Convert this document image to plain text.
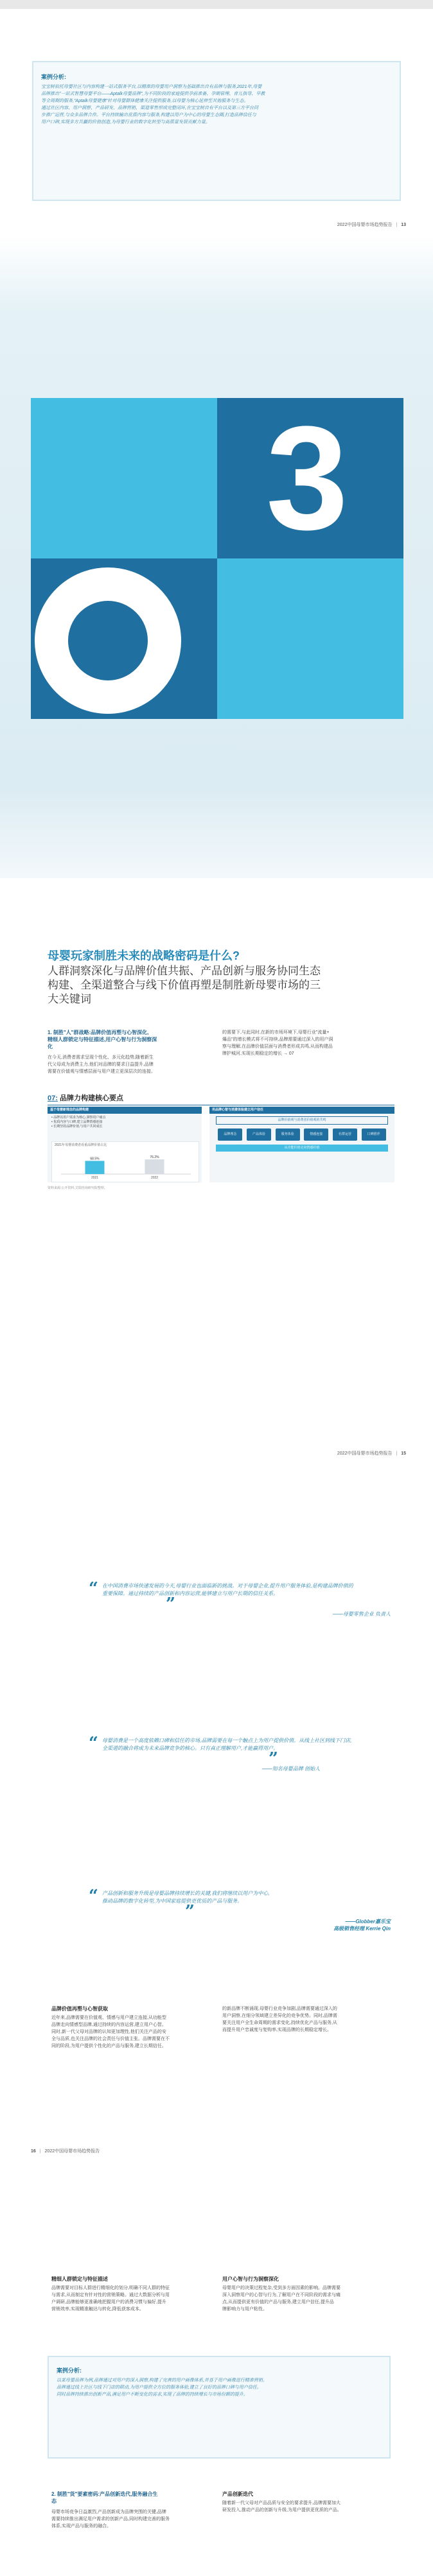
案例分析:
宝宝树依托母婴社区与内容构建一站式服务平台,以精准的母婴用户洞察为基础推出自有品牌与服务,2021年,母婴
品牌推出"一站式智慧母婴平台——Aptalk母婴品牌",为不同阶段的家庭提供孕前准备、孕期管理、育儿指导、早教
等全周期的服务,"Aptalk母婴健康"针对母婴群体健康关注提供服务,以母婴为核心延伸至其他服务与生态。
通过社区内容、用户洞察、产品研发、品牌营销、渠道零售形成完整闭环,在宝宝树自有平台以及第三方平台同
步推广运营,与众多品牌合作。平台持续输出优质内容与服务,构建以用户为中心的母婴生态圈,打造品牌信任与
用户口碑,实现多方共赢的价值创造,为母婴行业的数字化转型与高质量发展贡献力量。
2022中国母婴市场趋势报告 | 13
3
母婴玩家制胜未来的战略密码是什么?
人群洞察深化与品牌价值共振、产品创新与服务协同生态
构建、全渠道整合与线下价值再塑是制胜新母婴市场的三
大关键词
1. 制胜"人"群战略:品牌价值再塑与心智深化,
精细人群锁定与特征描述,用户心智与行为洞察深
化
在今天,消费者需求呈现个性化、多元化趋势,随着新生
代父母成为消费主力,他们对品牌的要求日益提升,品牌
需要在价值观与情感层面与用户建立更深层次的连接。
的需要下,与此同时,在新的市场环境下,母婴行业"流量+
爆品"的增长模式将不可持续,品牌需要通过深入的用户洞
察与理解,在品牌价值层面与消费者形成共鸣,从而构建品
牌护城河,实现长期稳定的增长 → 07
07: 品牌力构建核心要点
基于母婴新理念的品牌构建
• 品牌以用户需求为核心,洞察用户痛点
• 优质内容与口碑,建立品牌情感连接
• 长期坚持品牌价值,与用户共同成长
2021年母婴消费者看重品牌价值占比
68.5%
2021
76.2%
2022
用品牌心智与消费体验建立用户信任
品牌价值观与消费者价值观的共鸣
品牌理念	产品体验	服务体验	情感连接	社群运营	口碑推荐
从功能价值走向情感价值
资料来源:公开资料,艾瑞咨询研究院整理。
2022中国母婴市场趋势报告 | 15
“ 在中国消费市场快速发展的今天,母婴行业也面临新的挑战。对于母婴企业,提升用户服务体验,是构建品牌价值的
重要保障。通过持续的产品创新和内容运营,能够建立与用户长期的信任关系。
”
——母婴零售企业 负责人
“ 母婴消费是一个高度依赖口碑和信任的市场,品牌需要在每一个触点上为用户提供价值。从线上社区到线下门店,
全渠道的融合将成为未来品牌竞争的核心。只有真正理解用户,才能赢得用户。
”
——知名母婴品牌 创始人
“ 产品创新和服务升级是母婴品牌持续增长的关键,我们将继续以用户为中心,
推动品牌的数字化转型,为中国家庭提供更优质的产品与服务。
”
——Globber嘉乐宝
高级销售经理 Kerrie Qin
品牌价值再塑与心智获取
近年来,品牌需要在价值观、情感与用户建立连接,从功能型
品牌走向情感型品牌,通过持续的内容运营,建立用户心智。
同时,新一代父母对品牌的认知更加理性,他们关注产品的安
全与品质,也关注品牌的社会责任与价值主张。品牌需要在不
同的阶段,为用户提供个性化的产品与服务,建立长期信任。
的新品牌不断涌现,母婴行业竞争加剧,品牌需要通过深入的
用户洞察,在细分领域建立差异化的竞争优势。同时,品牌需
要关注用户全生命周期的需求变化,持续优化产品与服务,从
而提升用户忠诚度与复购率,实现品牌的长期稳定增长。
16 | 2022中国母婴市场趋势报告
精细人群锁定与特征描述
品牌需要对目标人群进行精细化的划分,明确不同人群的特征
与需求,从而制定有针对性的营销策略。通过大数据分析与用
户调研,品牌能够更准确地把握用户的消费习惯与偏好,提升
营销效率,实现精准触达与转化,降低获客成本。
用户心智与行为洞察深化
母婴用户的决策过程复杂,受到多方面因素的影响。品牌需要
深入洞察用户的心智与行为,了解用户在不同阶段的需求与痛
点,从而提供更有价值的产品与服务,建立用户信任,提升品
牌影响力与用户粘性。
案例分析:
以某母婴品牌为例,品牌通过对用户的深入洞察,构建了完善的用户画像体系,并基于用户画像进行精准营销。
品牌通过线上社区与线下门店的联动,为用户提供全方位的服务体验,建立了良好的品牌口碑与用户信任。
同时品牌持续推出创新产品,满足用户不断变化的需求,实现了品牌的持续增长与市场份额的提升。
2. 制胜"货"要素密码:产品创新迭代,服务融合生
态
母婴市场竞争日益激烈,产品创新成为品牌突围的关键,品牌
需要持续推出满足用户需求的创新产品,同时构建完善的服务
体系,实现产品与服务的融合。
产品创新迭代
随着新一代父母对产品品质与安全的要求提升,品牌需要加大
研发投入,推动产品的创新与升级,为用户提供更优质的产品。
